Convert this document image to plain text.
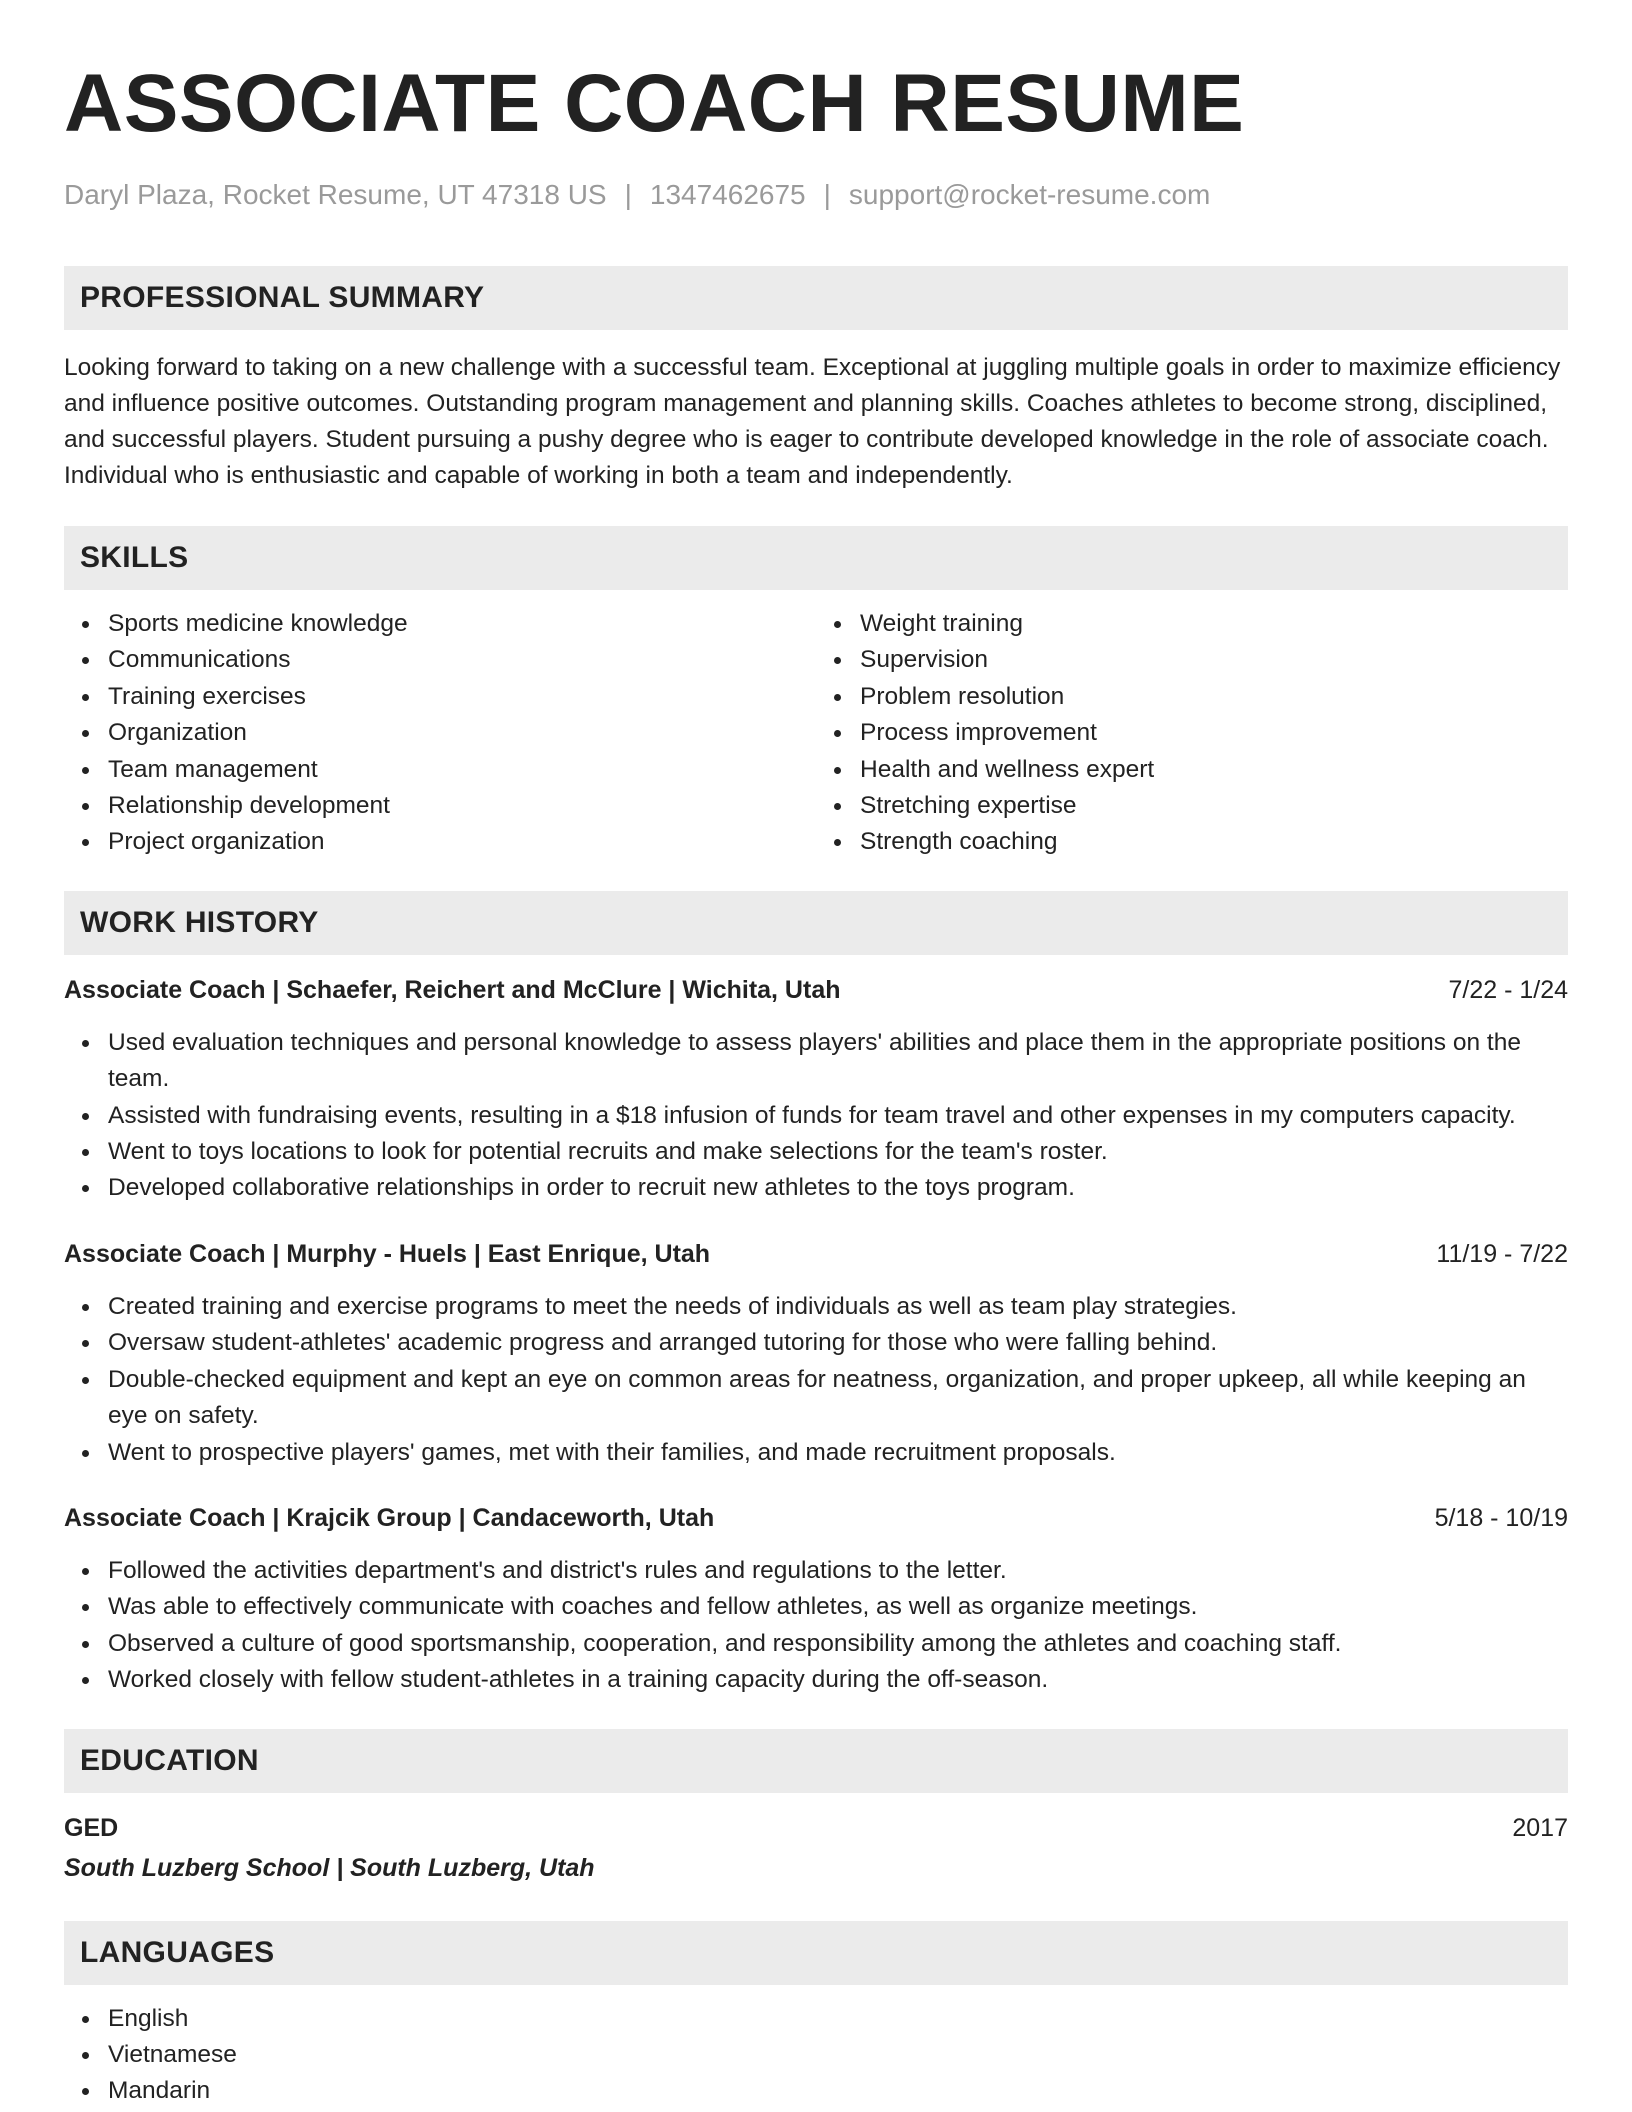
ASSOCIATE COACH RESUME
Daryl Plaza, Rocket Resume, UT 47318 US | 1347462675 | support@rocket-resume.com
PROFESSIONAL SUMMARY

Looking forward to taking on a new challenge with a successful team. Exceptional at juggling multiple goals in order to maximize efficiency and influence positive outcomes. Outstanding program management and planning skills. Coaches athletes to become strong, disciplined, and successful players. Student pursuing a pushy degree who is eager to contribute developed knowledge in the role of associate coach. Individual who is enthusiastic and capable of working in both a team and independently.

SKILLS
Sports medicine knowledge
Communications
Training exercises
Organization
Team management
Relationship development
Project organization
Weight training
Supervision
Problem resolution
Process improvement
Health and wellness expert
Stretching expertise
Strength coaching
WORK HISTORY
Associate Coach | Schaefer, Reichert and McClure | Wichita, Utah	7/22 - 1/24
Used evaluation techniques and personal knowledge to assess players' abilities and place them in the appropriate positions on the team.
Assisted with fundraising events, resulting in a $18 infusion of funds for team travel and other expenses in my computers capacity.
Went to toys locations to look for potential recruits and make selections for the team's roster.
Developed collaborative relationships in order to recruit new athletes to the toys program.
Associate Coach | Murphy - Huels | East Enrique, Utah	11/19 - 7/22
Created training and exercise programs to meet the needs of individuals as well as team play strategies.
Oversaw student-athletes' academic progress and arranged tutoring for those who were falling behind.
Double-checked equipment and kept an eye on common areas for neatness, organization, and proper upkeep, all while keeping an eye on safety.
Went to prospective players' games, met with their families, and made recruitment proposals.
Associate Coach | Krajcik Group | Candaceworth, Utah	5/18 - 10/19
Followed the activities department's and district's rules and regulations to the letter.
Was able to effectively communicate with coaches and fellow athletes, as well as organize meetings.
Observed a culture of good sportsmanship, cooperation, and responsibility among the athletes and coaching staff.
Worked closely with fellow student-athletes in a training capacity during the off-season.
EDUCATION
GED	2017
South Luzberg School | South Luzberg, Utah
LANGUAGES
English
Vietnamese
Mandarin
